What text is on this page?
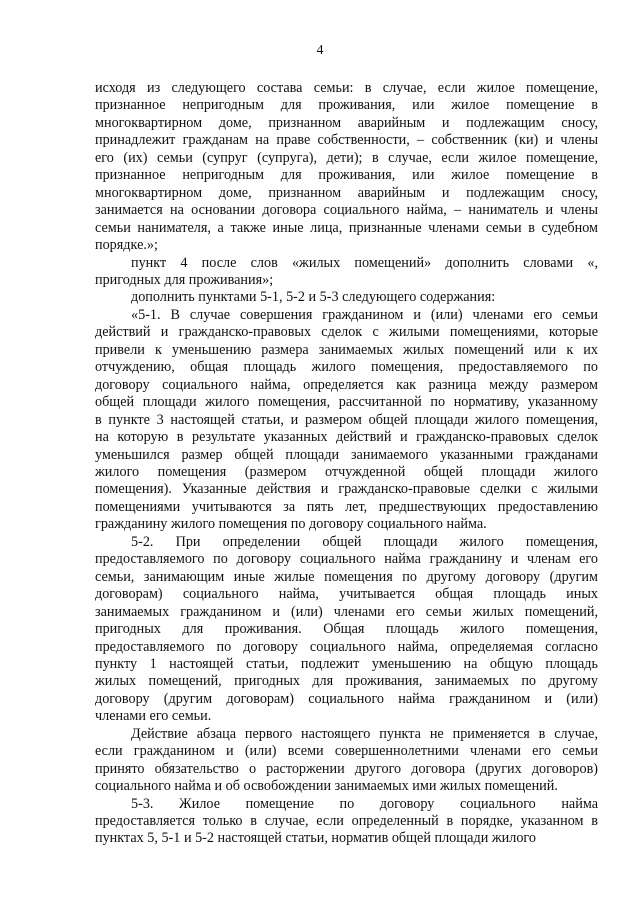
4
исходя из следующего состава семьи: в случае, если жилое помещение,
признанное непригодным для проживания, или жилое помещение в
многоквартирном доме, признанном аварийным и подлежащим сносу,
принадлежит гражданам на праве собственности, – собственник (ки) и члены
его (их) семьи (супруг (супруга), дети); в случае, если жилое помещение,
признанное непригодным для проживания, или жилое помещение в
многоквартирном доме, признанном аварийным и подлежащим сносу,
занимается на основании договора социального найма, – наниматель и члены
семьи нанимателя, а также иные лица, признанные членами семьи в судебном
порядке.»;
пункт 4 после слов «жилых помещений» дополнить словами «,
пригодных для проживания»;
дополнить пунктами 5-1, 5-2 и 5-3 следующего содержания:
«5-1. В случае совершения гражданином и (или) членами его семьи
действий и гражданско-правовых сделок с жилыми помещениями, которые
привели к уменьшению размера занимаемых жилых помещений или к их
отчуждению, общая площадь жилого помещения, предоставляемого по
договору социального найма, определяется как разница между размером
общей площади жилого помещения, рассчитанной по нормативу, указанному
в пункте 3 настоящей статьи, и размером общей площади жилого помещения,
на которую в результате указанных действий и гражданско-правовых сделок
уменьшился размер общей площади занимаемого указанными гражданами
жилого помещения (размером отчужденной общей площади жилого
помещения). Указанные действия и гражданско-правовые сделки с жилыми
помещениями учитываются за пять лет, предшествующих предоставлению
гражданину жилого помещения по договору социального найма.
5-2. При определении общей площади жилого помещения,
предоставляемого по договору социального найма гражданину и членам его
семьи, занимающим иные жилые помещения по другому договору (другим
договорам) социального найма, учитывается общая площадь иных
занимаемых гражданином и (или) членами его семьи жилых помещений,
пригодных для проживания. Общая площадь жилого помещения,
предоставляемого по договору социального найма, определяемая согласно
пункту 1 настоящей статьи, подлежит уменьшению на общую площадь
жилых помещений, пригодных для проживания, занимаемых по другому
договору (другим договорам) социального найма гражданином и (или)
членами его семьи.
Действие абзаца первого настоящего пункта не применяется в случае,
если гражданином и (или) всеми совершеннолетними членами его семьи
принято обязательство о расторжении другого договора (других договоров)
социального найма и об освобождении занимаемых ими жилых помещений.
5-3. Жилое помещение по договору социального найма
предоставляется только в случае, если определенный в порядке, указанном в
пунктах 5, 5-1 и 5-2 настоящей статьи, норматив общей площади жилого
